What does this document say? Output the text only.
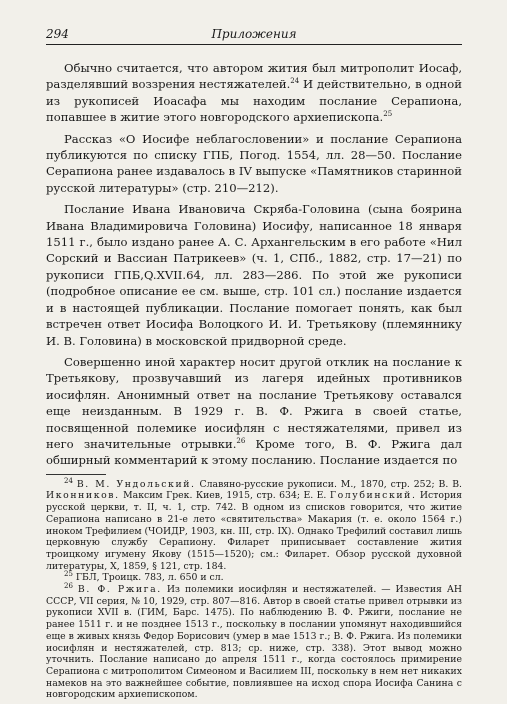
294	Приложения

Обычно считается, что автором жития был митрополит Иосаф, разделявший воззрения нестяжателей.$^{24}$ И действительно, в одной из рукописей Иоасафа мы находим послание Серапиона, попавшее в житие этого новгородского архиепископа.$^{25}$

Рассказ «О Иосифе неблагословении» и послание Серапиона публикуются по списку ГПБ, Погод. 1554, лл. 28—50. Послание Серапиона ранее издавалось в IV выпуске «Памятников старинной русской литературы» (стр. 210—212).

Послание Ивана Ивановича Скряба-Головина (сына боярина Ивана Владимировича Головина) Иосифу, написанное 18 января 1511 г., было издано ранее А. С. Архангельским в его работе «Нил Сорский и Вассиан Патрикеев» (ч. 1, СПб., 1882, стр. 17—21) по рукописи ГПБ,Q.XVII.64, лл. 283—286. По этой же рукописи (подробное описание ее см. выше, стр. 101 сл.) послание издается и в настоящей публикации. Послание помогает понять, как был встречен ответ Иосифа Волоцкого И. И. Третьякову (племяннику И. В. Головина) в московской придворной среде.

Совершенно иной характер носит другой отклик на послание к Третьякову, прозвучавший из лагеря идейных противников иосифлян. Анонимный ответ на послание Третьякову оставался еще неизданным. В 1929 г. В. Ф. Ржига в своей статье, посвященной полемике иосифлян с нестяжателями, привел из него значительные отрывки.$^{26}$ Кроме того, В. Ф. Ржига дал обширный комментарий к этому посланию. Послание издается по

$^{24}$ В. М. Ундольский. Славяно-русские рукописи. М., 1870, стр. 252; В. В. Иконников. Максим Грек. Киев, 1915, стр. 634; Е. Е. Голубинский. История русской церкви, т. II, ч. 1, стр. 742. В одном из списков говорится, что житие Серапиона написано в 21-е лето «святительства» Макария (т. е. около 1564 г.) иноком Трефилием (ЧОИДР, 1903, кн. III, стр. IX). Однако Трефилий составил лишь церковную службу Серапиону. Филарет приписывает составление жития троицкому игумену Якову (1515—1520); см.: Филарет. Обзор русской духовной литературы, Х, 1859, § 121, стр. 184.

$^{25}$ ГБЛ, Троицк. 783, л. 650 и сл.

$^{26}$ В. Ф. Ржига. Из полемики иосифлян и нестяжателей. — Известия АН СССР, VII серия, № 10, 1929, стр. 807—816. Автор в своей статье привел отрывки из рукописи XVII в. (ГИМ, Барс. 1475). По наблюдению В. Ф. Ржиги, послание не ранее 1511 г. и не позднее 1513 г., поскольку в послании упомянут находившийся еще в живых князь Федор Борисович (умер в мае 1513 г.; В. Ф. Ржига. Из полемики иосифлян и нестяжателей, стр. 813; ср. ниже, стр. 338). Этот вывод можно уточнить. Послание написано до апреля 1511 г., когда состоялось примирение Серапиона с митрополитом Симеоном и Василием III, поскольку в нем нет никаких намеков на это важнейшее событие, повлиявшее на исход спора Иосифа Санина с новгородским архиепископом.
